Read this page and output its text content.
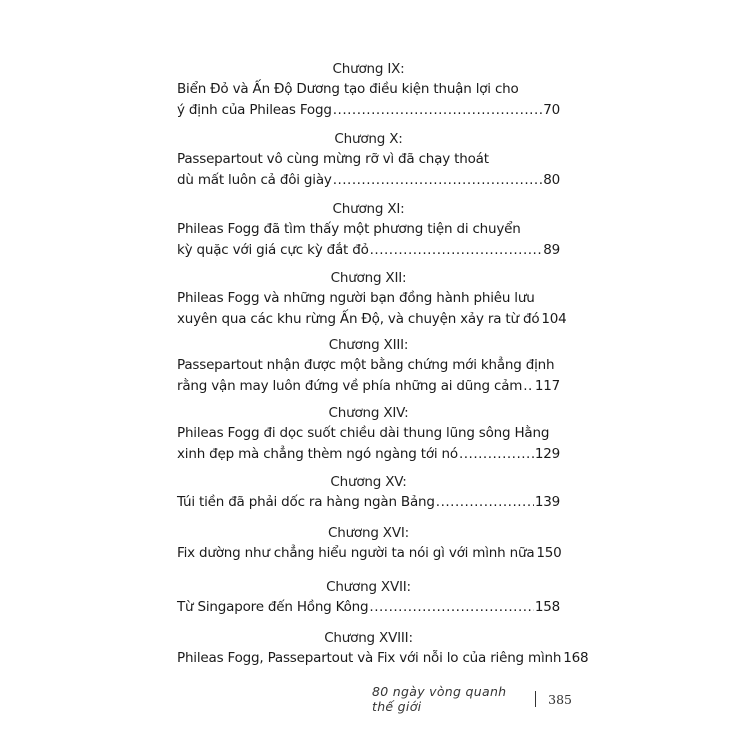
Chương IX:
Biển Đỏ và Ấn Độ Dương tạo điều kiện thuận lợi cho
ý định của Phileas Fogg .....	70
Chương X:
Passepartout vô cùng mừng rỡ vì đã chạy thoát
dù mất luôn cả đôi giày .....	80
Chương XI:
Phileas Fogg đã tìm thấy một phương tiện di chuyển
kỳ quặc với giá cực kỳ đắt đỏ .....	89
Chương XII:
Phileas Fogg và những người bạn đồng hành phiêu lưu
xuyên qua các khu rừng Ấn Độ, và chuyện xảy ra từ đó 104
Chương XIII:
Passepartout nhận được một bằng chứng mới khẳng định
rằng vận may luôn đứng về phía những ai dũng cảm ..... 117
Chương XIV:
Phileas Fogg đi dọc suốt chiều dài thung lũng sông Hằng
xinh đẹp mà chẳng thèm ngó ngàng tới nó .....	129
Chương XV:
Túi tiền đã phải dốc ra hàng ngàn Bảng .....	139
Chương XVI:
Fix dường như chẳng hiểu người ta nói gì với mình nữa 150
Chương XVII:
Từ Singapore đến Hồng Kông .....	158
Chương XVIII:
Phileas Fogg, Passepartout và Fix với nỗi lo của riêng mình 168
80 ngày vòng quanh thế giới	385
